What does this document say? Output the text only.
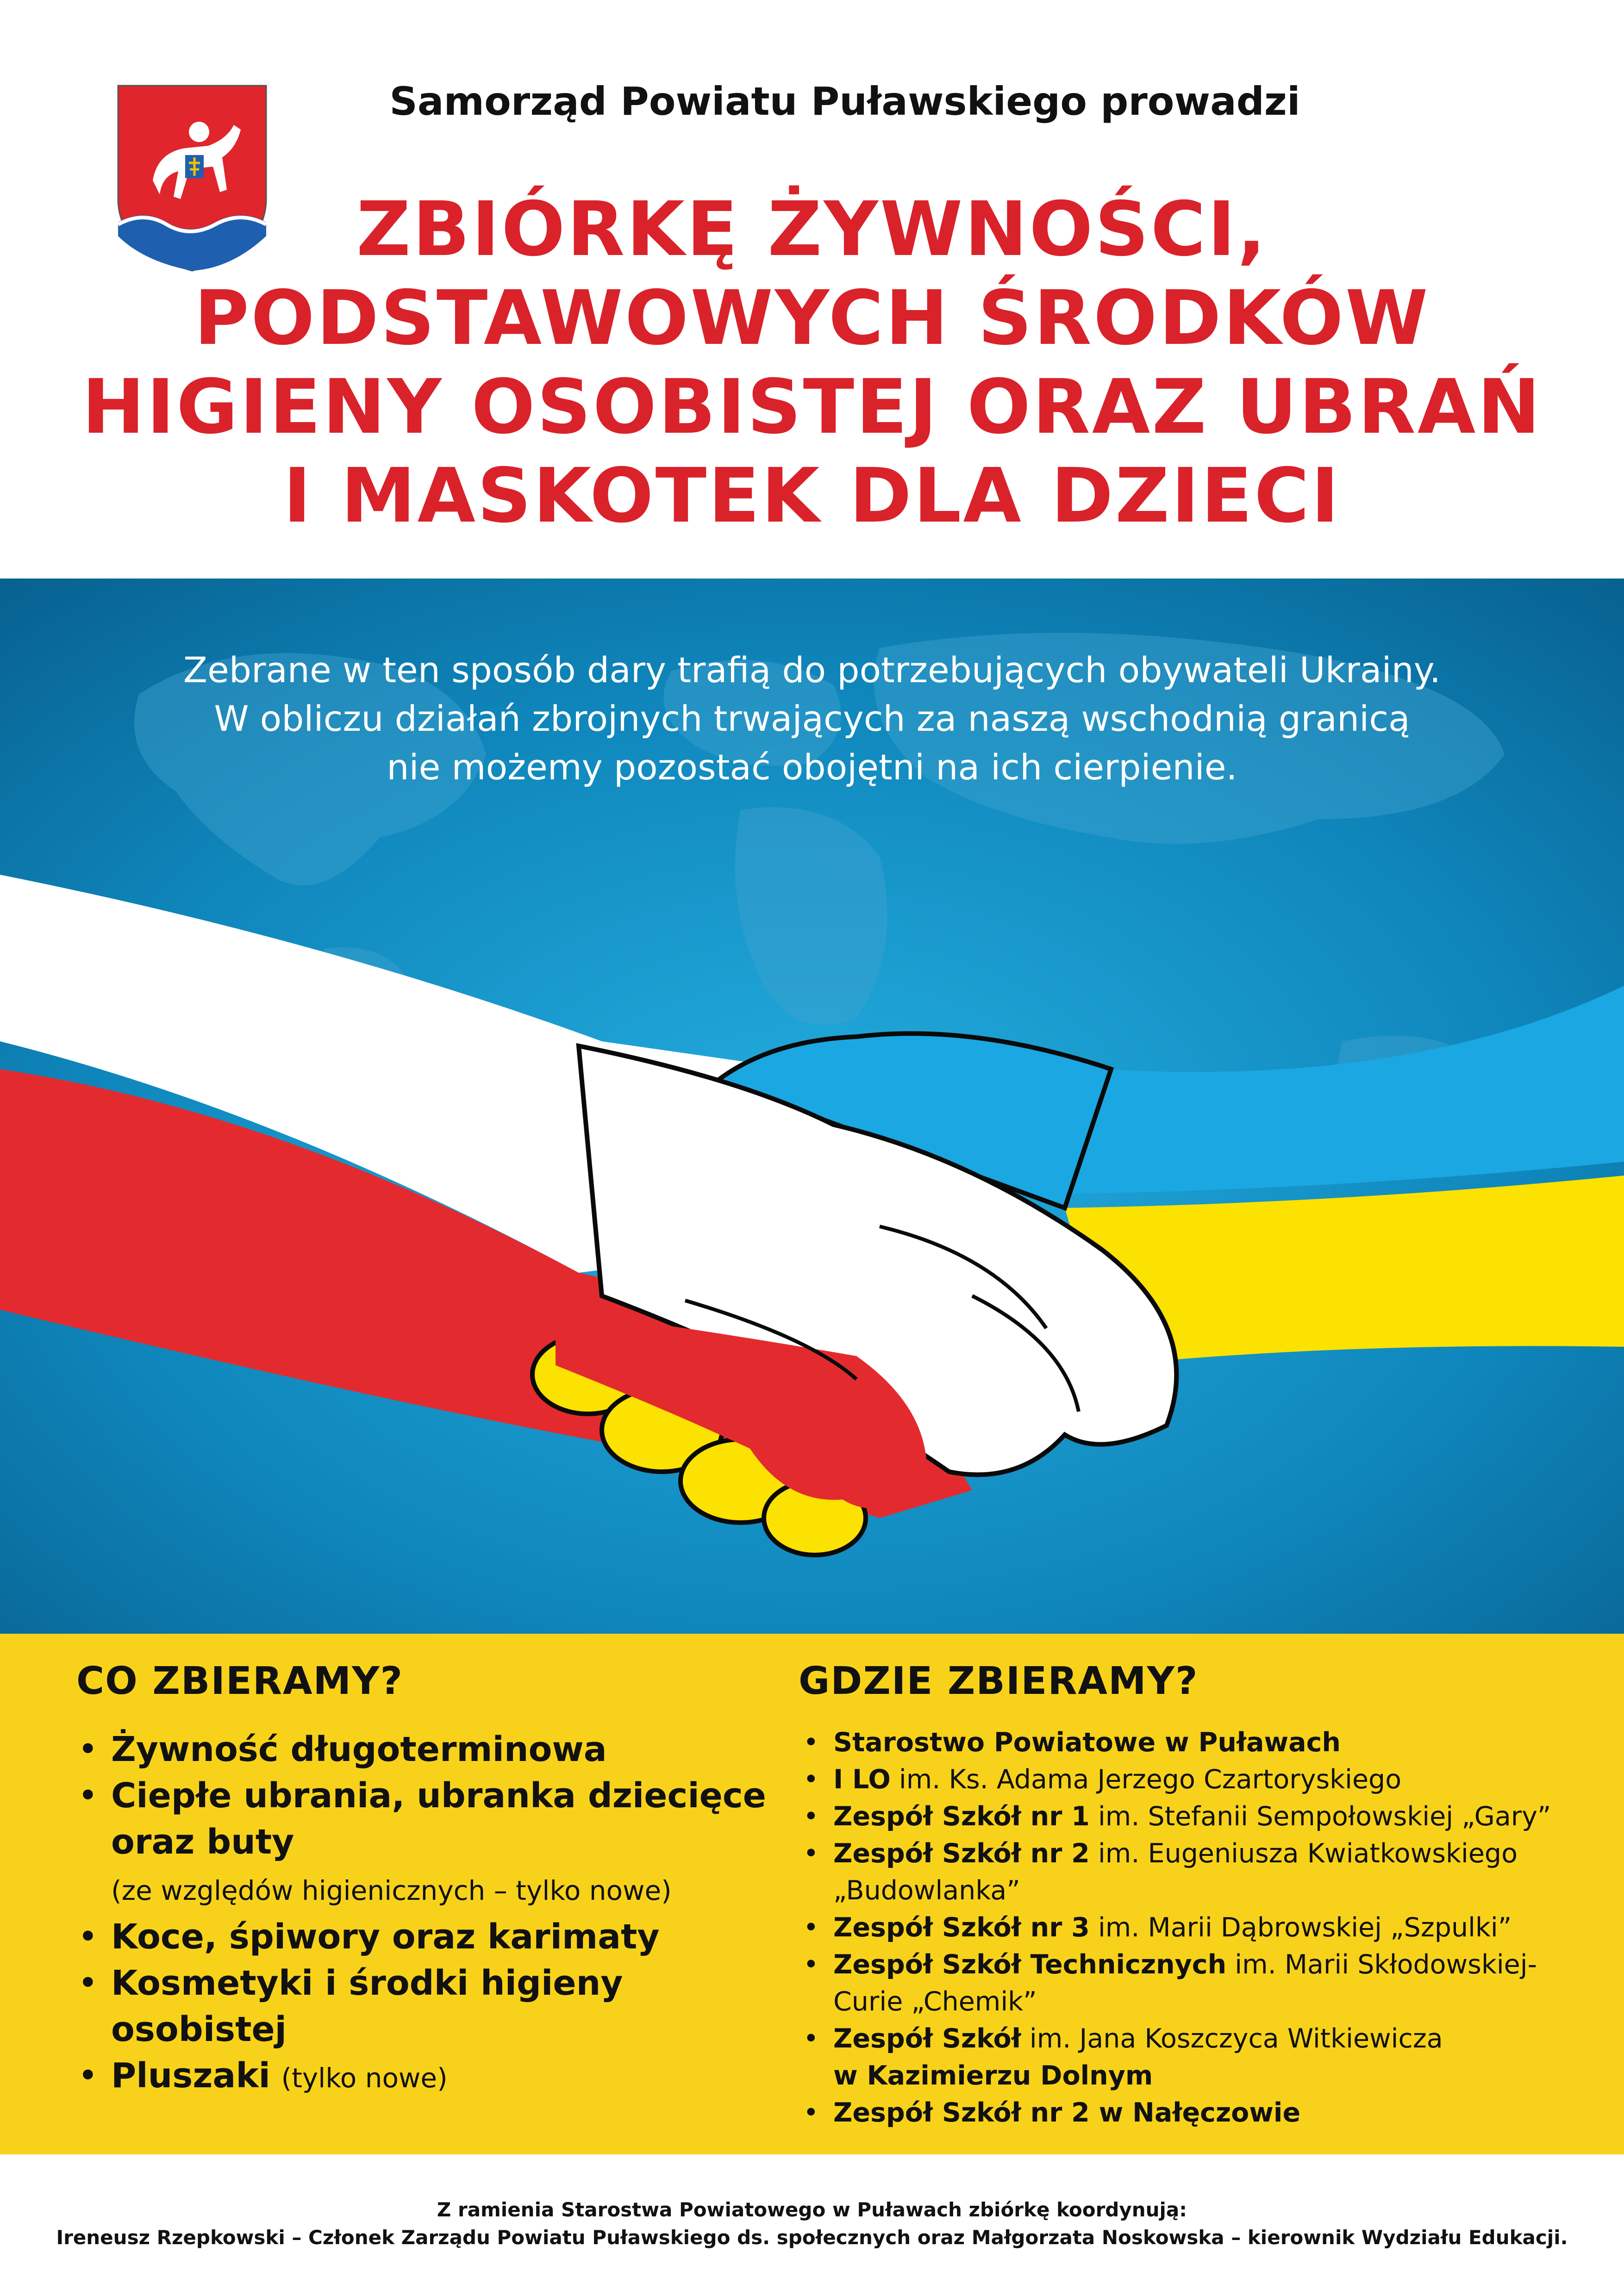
Samorząd Powiatu Puławskiego prowadzi
ZBIÓRKĘ ŻYWNOŚCI,
PODSTAWOWYCH ŚRODKÓW
HIGIENY OSOBISTEJ ORAZ UBRAŃ
I MASKOTEK DLA DZIECI
Zebrane w ten sposób dary trafią do potrzebujących obywateli Ukrainy.
W obliczu działań zbrojnych trwających za naszą wschodnią granicą
nie możemy pozostać obojętni na ich cierpienie.
CO ZBIERAMY?
• Żywność długoterminowa
• Ciepłe ubrania, ubranka dziecięce oraz buty
(ze względów higienicznych – tylko nowe)
• Koce, śpiwory oraz karimaty
• Kosmetyki i środki higieny osobistej
• Pluszaki (tylko nowe)
GDZIE ZBIERAMY?
• Starostwo Powiatowe w Puławach
• I LO im. Ks. Adama Jerzego Czartoryskiego
• Zespół Szkół nr 1 im. Stefanii Sempołowskiej „Gary”
• Zespół Szkół nr 2 im. Eugeniusza Kwiatkowskiego „Budowlanka”
• Zespół Szkół nr 3 im. Marii Dąbrowskiej „Szpulki”
• Zespół Szkół Technicznych im. Marii Skłodowskiej-Curie „Chemik”
• Zespół Szkół im. Jana Koszczyca Witkiewicza
w Kazimierzu Dolnym
• Zespół Szkół nr 2 w Nałęczowie
Z ramienia Starostwa Powiatowego w Puławach zbiórkę koordynują:
Ireneusz Rzepkowski – Członek Zarządu Powiatu Puławskiego ds. społecznych oraz Małgorzata Noskowska – kierownik Wydziału Edukacji.
